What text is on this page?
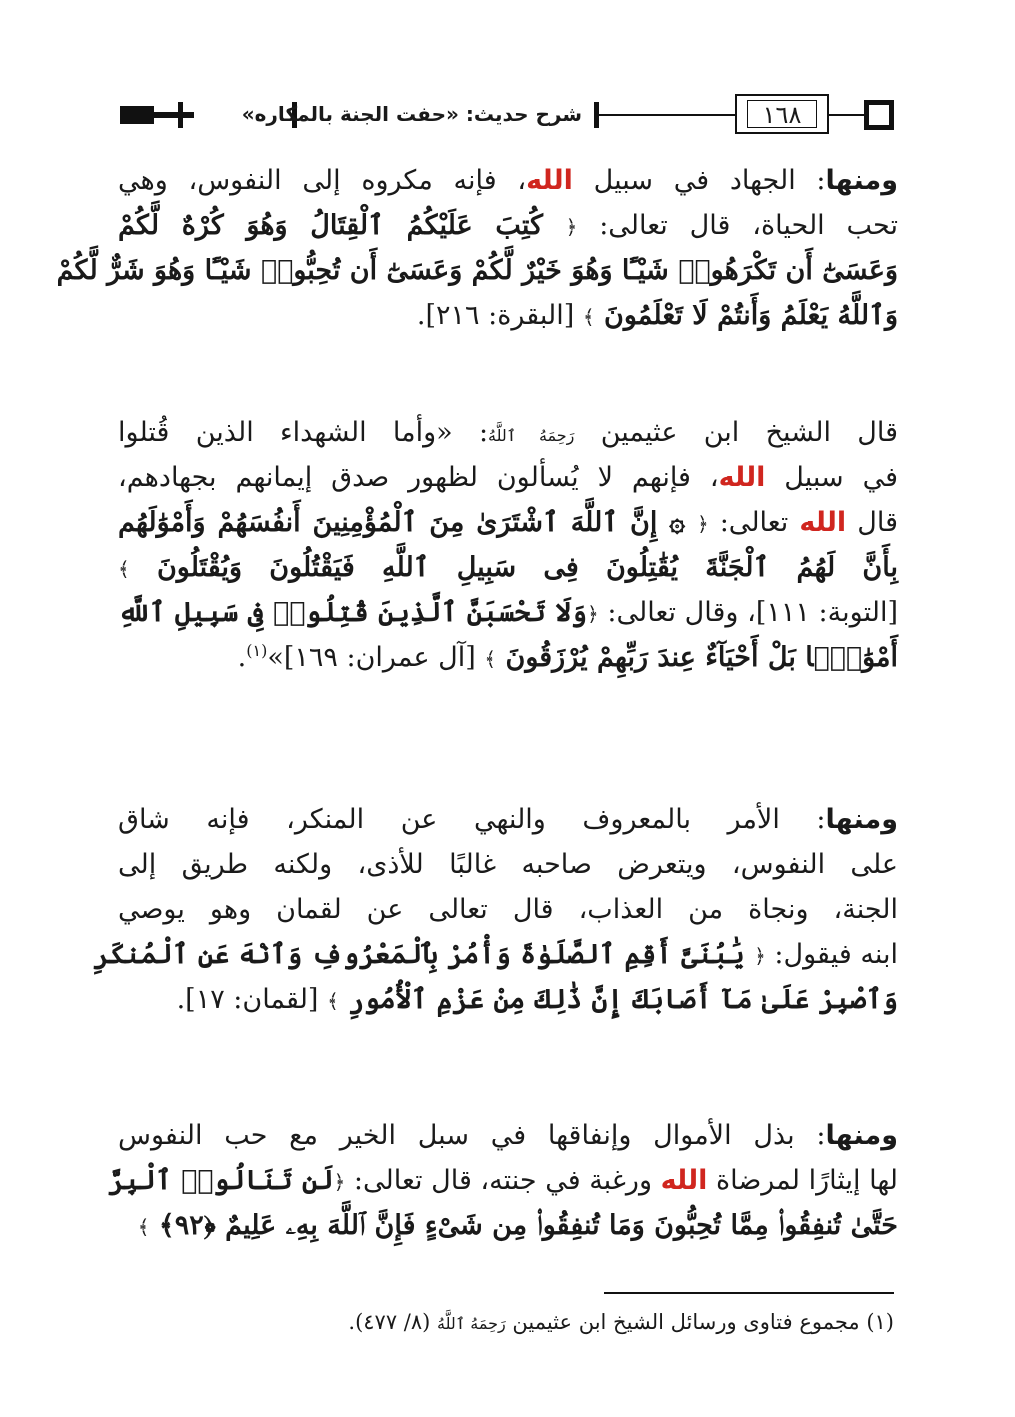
شرح حديث: «حفت الجنة بالمكاره»	١٦٨
ومنها: الجهاد في سبيل الله، فإنه مكروه إلى النفوس، وهي
تحب الحياة، قال تعالى: ﴿ كُتِبَ عَلَيْكُمُ ٱلْقِتَالُ وَهُوَ كُرْهٌ لَّكُمْ
وَعَسَىٰٓ أَن تَكْرَهُوا۟ شَيْـًٔا وَهُوَ خَيْرٌ لَّكُمْ وَعَسَىٰٓ أَن تُحِبُّوا۟ شَيْـًٔا وَهُوَ شَرٌّ لَّكُمْ
وَٱللَّهُ يَعْلَمُ وَأَنتُمْ لَا تَعْلَمُونَ ﴾ [البقرة: ٢١٦].
قال الشيخ ابن عثيمين رَحِمَهُ ٱللَّهُ: «وأما الشهداء الذين قُتلوا
في سبيل الله، فإنهم لا يُسألون لظهور صدق إيمانهم بجهادهم،
قال الله تعالى: ﴿ ۞ إِنَّ ٱللَّهَ ٱشْتَرَىٰ مِنَ ٱلْمُؤْمِنِينَ أَنفُسَهُمْ وَأَمْوَٰلَهُم
بِأَنَّ لَهُمُ ٱلْجَنَّةَ يُقَٰتِلُونَ فِى سَبِيلِ ٱللَّهِ فَيَقْتُلُونَ وَيُقْتَلُونَ ﴾
[التوبة: ١١١]، وقال تعالى: ﴿وَلَا تَحْسَبَنَّ ٱلَّذِينَ قُتِلُوا۟ فِى سَبِيلِ ٱللَّهِ
أَمْوَٰتًۢا بَلْ أَحْيَآءٌ عِندَ رَبِّهِمْ يُرْزَقُونَ ﴾ [آل عمران: ١٦٩]»$^{(١)}$.
ومنها: الأمر بالمعروف والنهي عن المنكر، فإنه شاق
على النفوس، ويتعرض صاحبه غالبًا للأذى، ولكنه طريق إلى
الجنة، ونجاة من العذاب، قال تعالى عن لقمان وهو يوصي
ابنه فيقول: ﴿ يَٰبُنَىَّ أَقِمِ ٱلصَّلَوٰةَ وَأْمُرْ بِٱلْمَعْرُوفِ وَٱنْهَ عَنِ ٱلْمُنكَرِ
وَٱصْبِرْ عَلَىٰ مَآ أَصَابَكَ إِنَّ ذَٰلِكَ مِنْ عَزْمِ ٱلْأُمُورِ ﴾ [لقمان: ١٧].
ومنها: بذل الأموال وإنفاقها في سبل الخير مع حب النفوس
لها إيثارًا لمرضاة الله ورغبة في جنته، قال تعالى: ﴿لَن تَنَالُوا۟ ٱلْبِرَّ
حَتَّىٰ تُنفِقُوا۟ مِمَّا تُحِبُّونَ وَمَا تُنفِقُوا۟ مِن شَىْءٍ فَإِنَّ ٱللَّهَ بِهِۦ عَلِيمٌ ﴿٩٢﴾ ﴾
(١) مجموع فتاوى ورسائل الشيخ ابن عثيمين رَحِمَهُ ٱللَّهُ (٨/ ٤٧٧).
